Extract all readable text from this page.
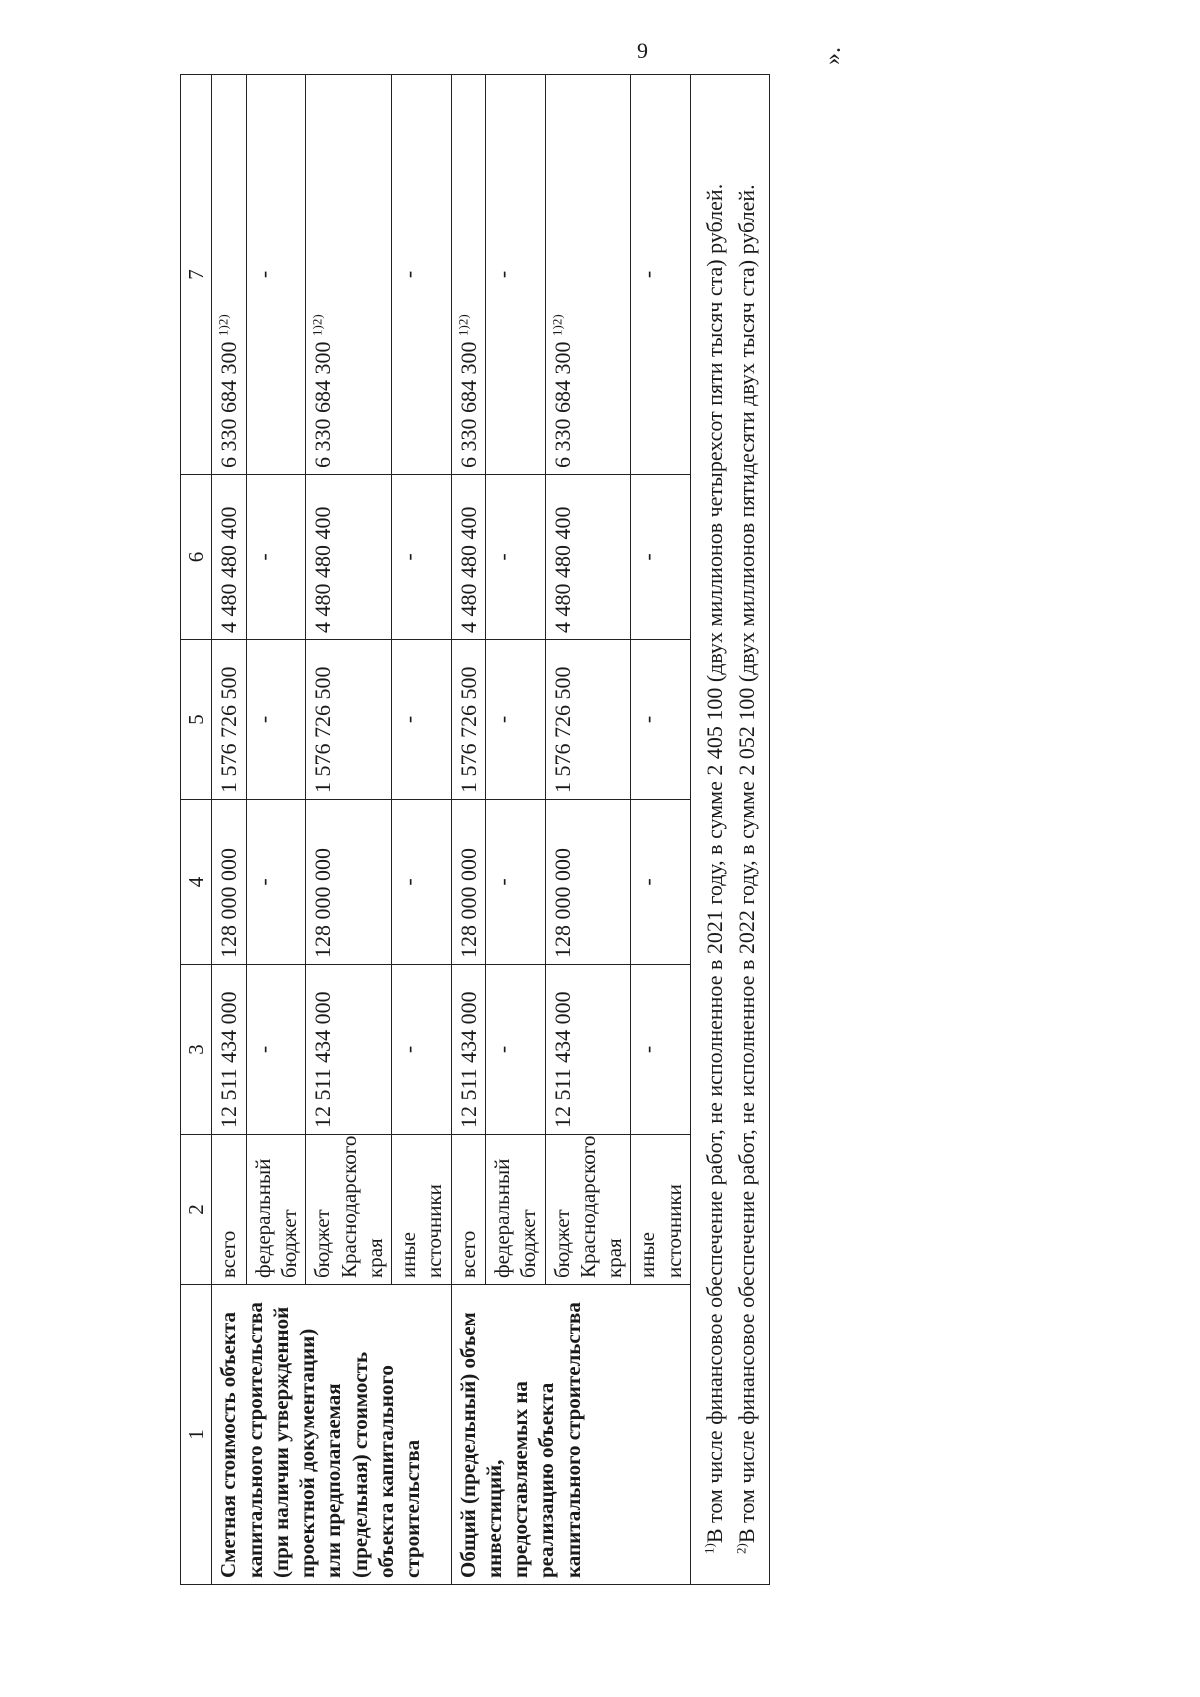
9
1	2	3	4	5	6	7
Сметная стоимость объекта капитального строительства (при наличии утвержденной проектной документации) или предполагаемая (предельная) стоимость объекта капитального строительства	всего	12 511 434 000	128 000 000	1 576 726 500	4 480 480 400	6 330 684 300 $^{1)2)}$
	федеральный бюджет	-	-	-	-	-
	бюджет Краснодарского края	12 511 434 000	128 000 000	1 576 726 500	4 480 480 400	6 330 684 300 $^{1)2)}$
	иные источники	-	-	-	-	-
Общий (предельный) объем инвестиций, предоставляемых на реализацию объекта капитального строительства	всего	12 511 434 000	128 000 000	1 576 726 500	4 480 480 400	6 330 684 300 $^{1)2)}$
	федеральный бюджет	-	-	-	-	-
	бюджет Краснодарского края	12 511 434 000	128 000 000	1 576 726 500	4 480 480 400	6 330 684 300 $^{1)2)}$
	иные источники	-	-	-	-	-

$^{1)}$В том числе финансовое обеспечение работ, не исполненное в 2021 году, в сумме 2 405 100 (двух миллионов четырехсот пяти тысяч ста) рублей.
$^{2)}$В том числе финансовое обеспечение работ, не исполненное в 2022 году, в сумме 2 052 100 (двух миллионов пятидесяти двух тысяч ста) рублей.						
».
